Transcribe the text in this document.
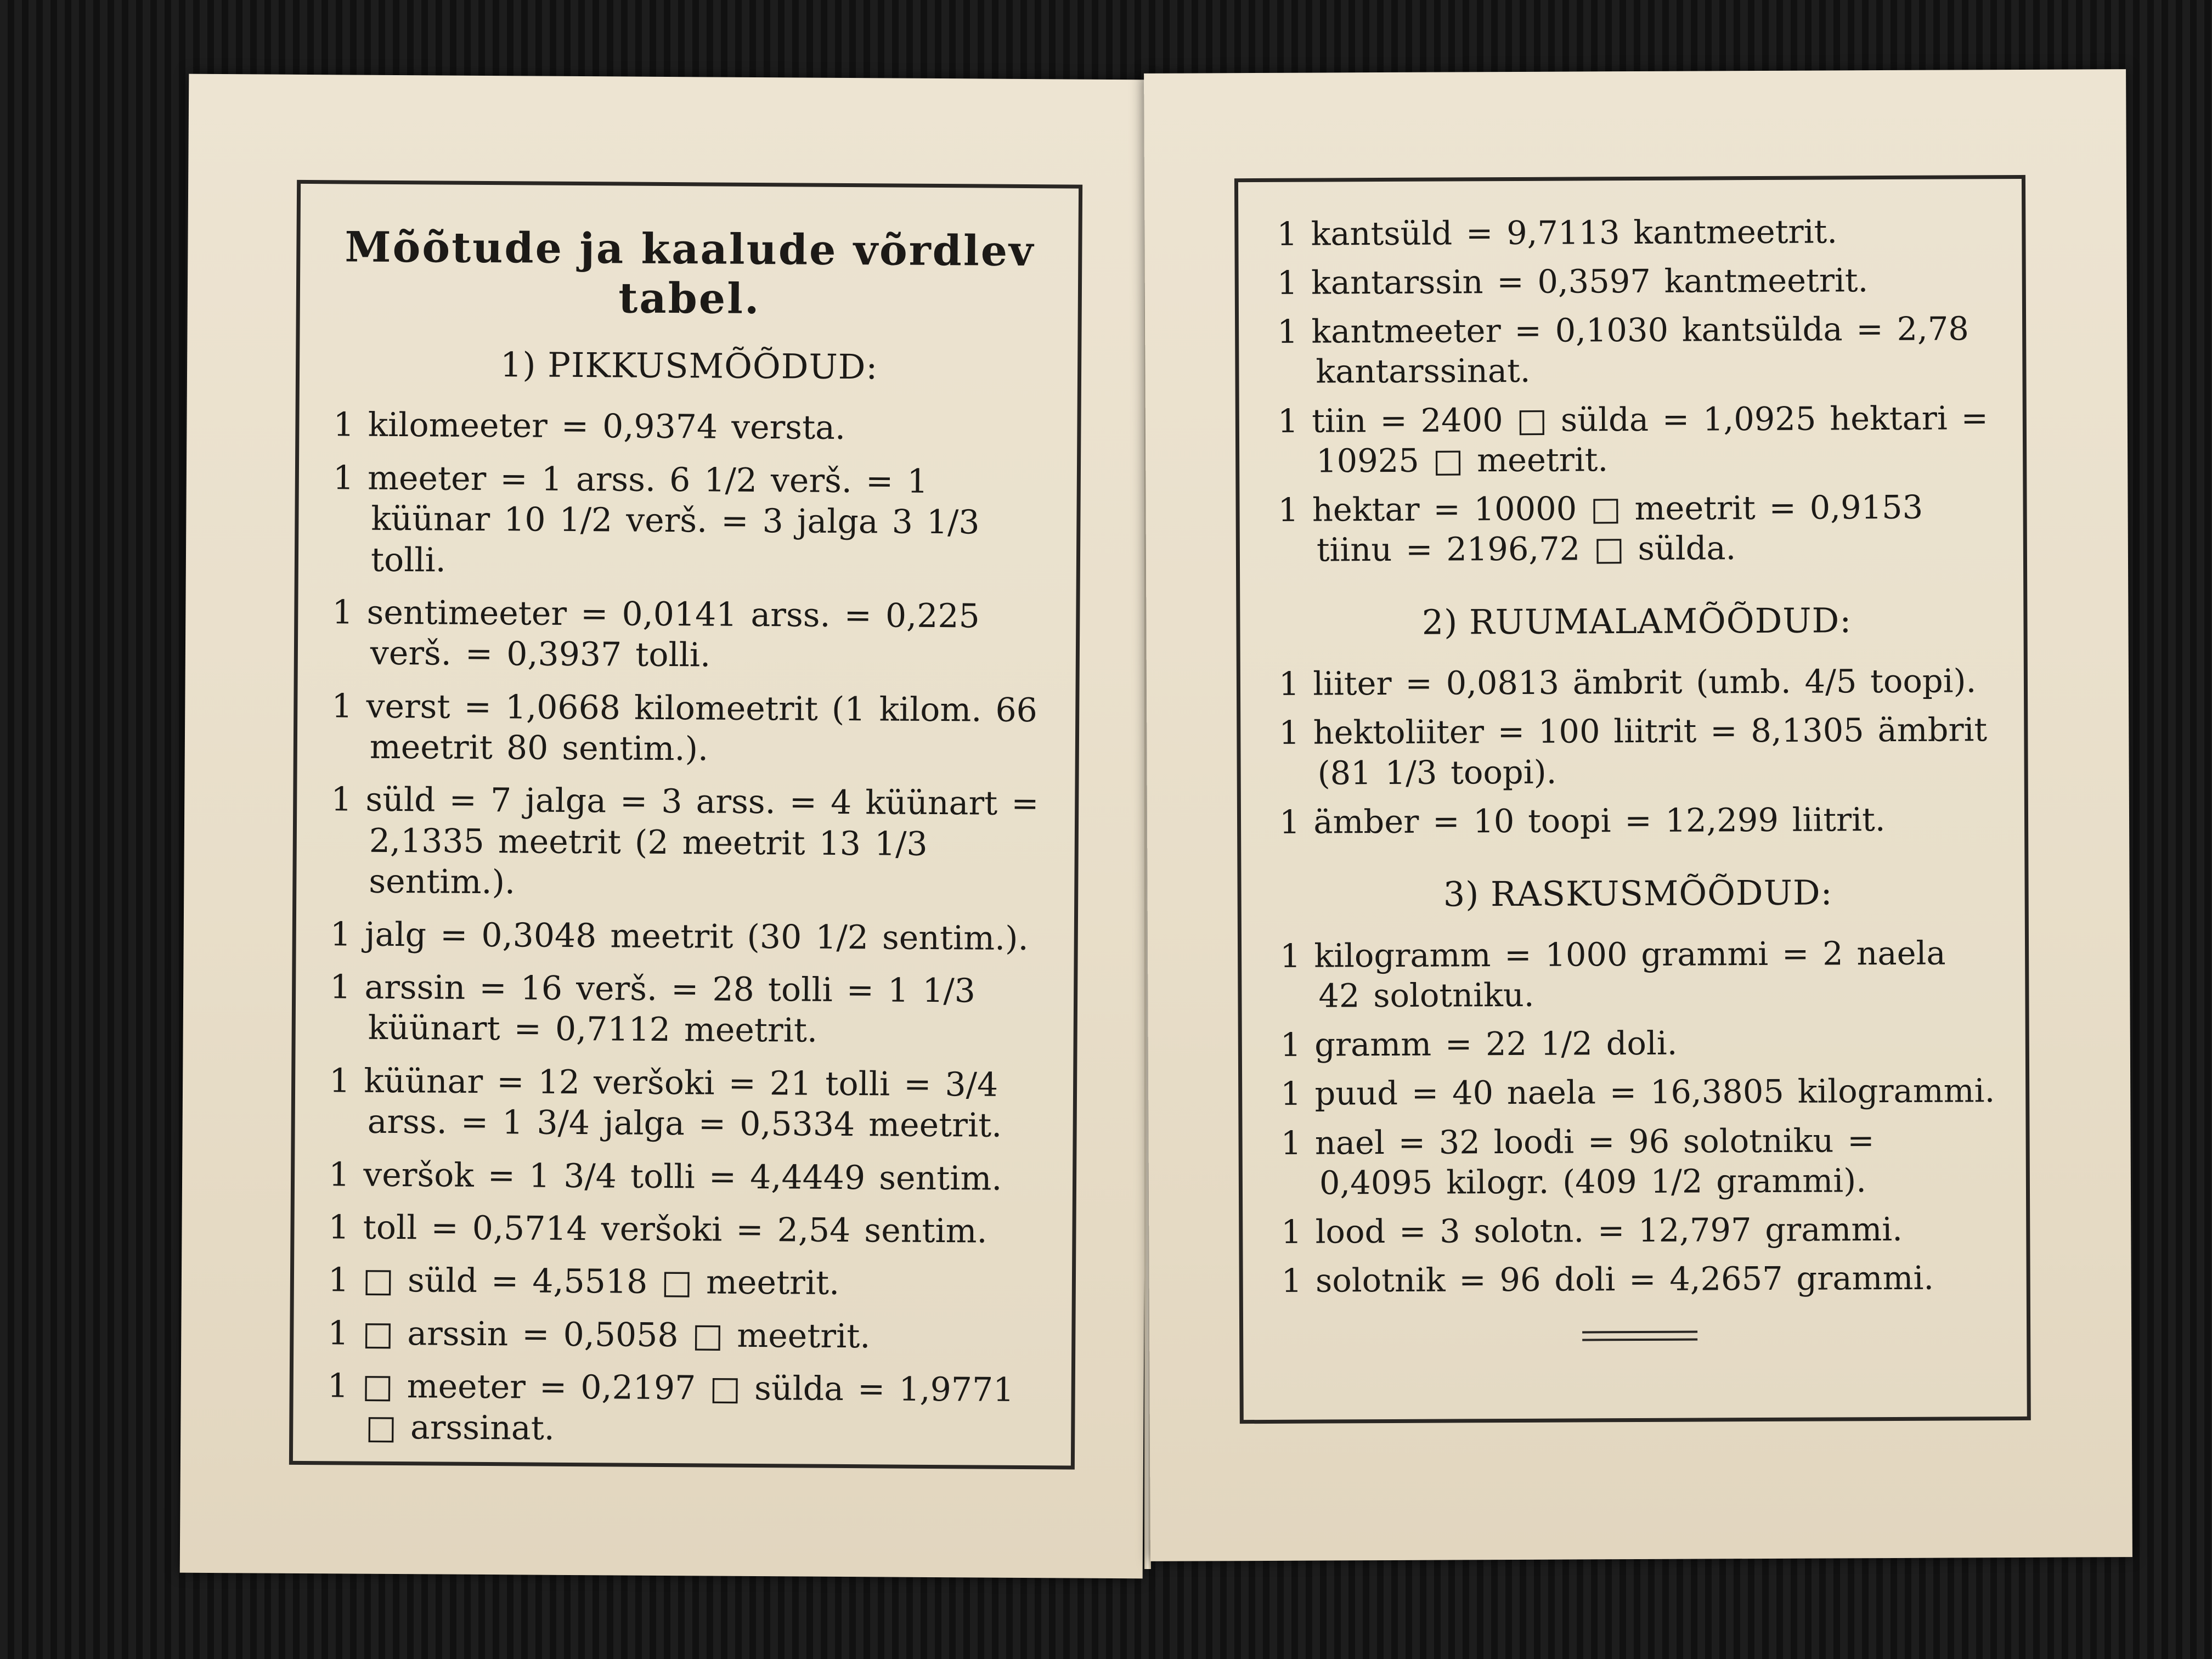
Mõõtude ja kaalude võrdlev tabel.
1) PIKKUSMÕÕDUD:
1 kilomeeter = 0,9374 versta.
1 meeter = 1 arss. 6 1/2 verš. = 1 küünar 10 1/2 verš. = 3 jalga 3 1/3 tolli.
1 sentimeeter = 0,0141 arss. = 0,225 verš. = 0,3937 tolli.
1 verst = 1,0668 kilomeetrit (1 kilom. 66 meetrit 80 sentim.).
1 süld = 7 jalga = 3 arss. = 4 küünart = 2,1335 meetrit (2 meetrit 13 1/3 sentim.).
1 jalg = 0,3048 meetrit (30 1/2 sentim.).
1 arssin = 16 verš. = 28 tolli = 1 1/3 küünart = 0,7112 meetrit.
1 küünar = 12 veršoki = 21 tolli = 3/4 arss. = 1 3/4 jalga = 0,5334 meetrit.
1 veršok = 1 3/4 tolli = 4,4449 sentim.
1 toll = 0,5714 veršoki = 2,54 sentim.
1 □ süld = 4,5518 □ meetrit.
1 □ arssin = 0,5058 □ meetrit.
1 □ meeter = 0,2197 □ sülda = 1,9771 □ arssinat.
1 kantsüld = 9,7113 kantmeetrit.
1 kantarssin = 0,3597 kantmeetrit.
1 kantmeeter = 0,1030 kantsülda = 2,78 kantarssinat.
1 tiin = 2400 □ sülda = 1,0925 hektari = 10925 □ meetrit.
1 hektar = 10000 □ meetrit = 0,9153 tiinu = 2196,72 □ sülda.
2) RUUMALAMÕÕDUD:
1 liiter = 0,0813 ämbrit (umb. 4/5 toopi).
1 hektoliiter = 100 liitrit = 8,1305 ämbrit (81 1/3 toopi).
1 ämber = 10 toopi = 12,299 liitrit.
3) RASKUSMÕÕDUD:
1 kilogramm = 1000 grammi = 2 naela 42 solotniku.
1 gramm = 22 1/2 doli.
1 puud = 40 naela = 16,3805 kilogrammi.
1 nael = 32 loodi = 96 solotniku = 0,4095 kilogr. (409 1/2 grammi).
1 lood = 3 solotn. = 12,797 grammi.
1 solotnik = 96 doli = 4,2657 grammi.
